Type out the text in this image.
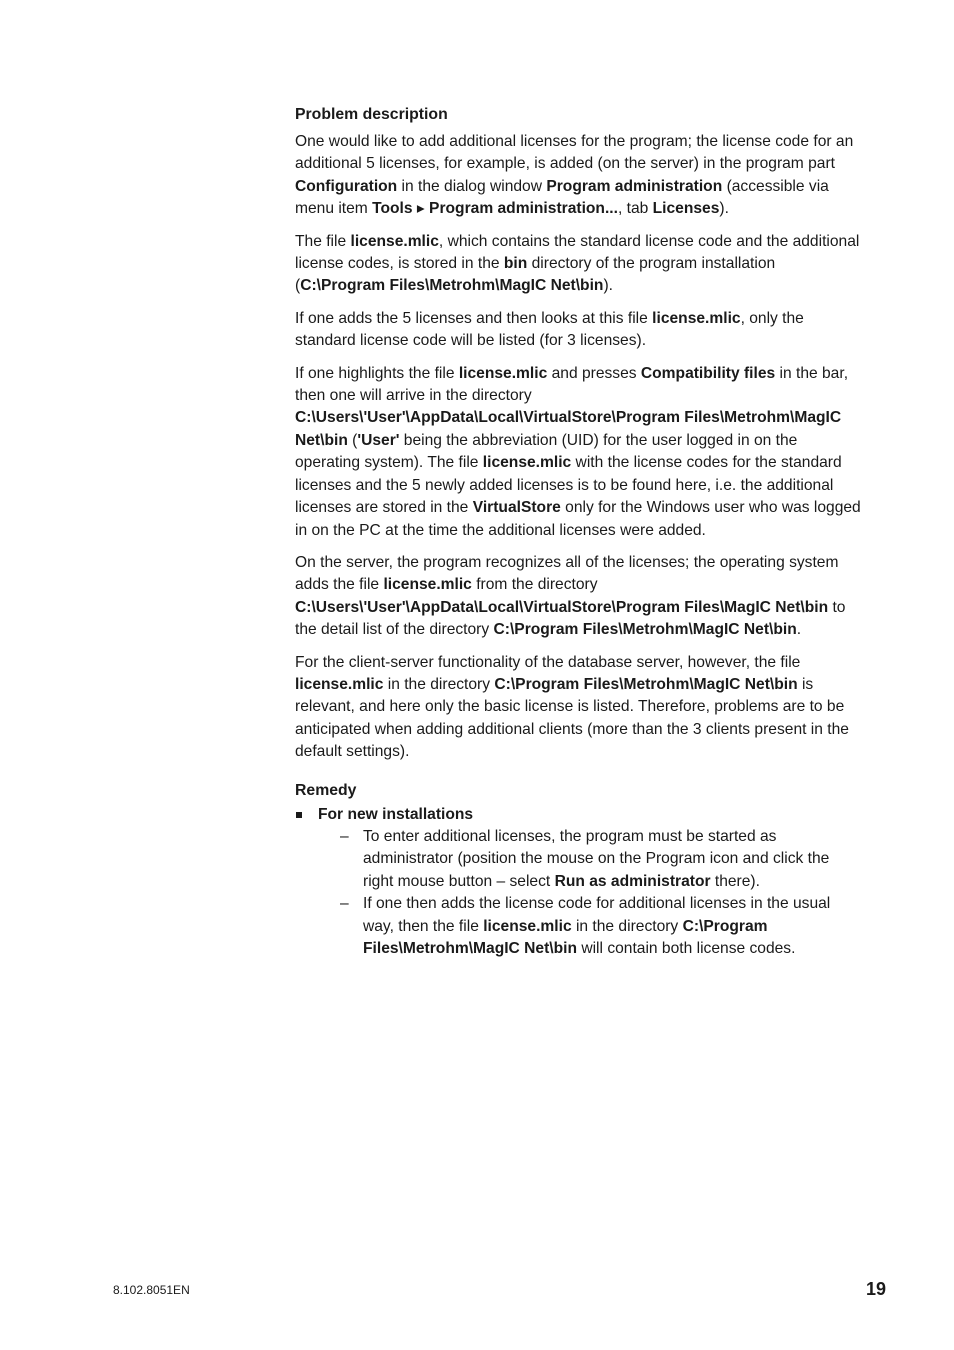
Problem description

One would like to add additional licenses for the program; the license code for an additional 5 licenses, for example, is added (on the server) in the program part Configuration in the dialog window Program administration (accessible via menu item Tools ▸ Program administration..., tab Licenses).

The file license.mlic, which contains the standard license code and the additional license codes, is stored in the bin directory of the program installation (C:\Program Files\Metrohm\MagIC Net\bin).

If one adds the 5 licenses and then looks at this file license.mlic, only the standard license code will be listed (for 3 licenses).

If one highlights the file license.mlic and presses Compatibility files in the bar, then one will arrive in the directory C:\Users\'User'\AppData\Local\VirtualStore\Program Files\Metrohm\MagIC Net\bin ('User' being the abbreviation (UID) for the user logged in on the operating system). The file license.mlic with the license codes for the standard licenses and the 5 newly added licenses is to be found here, i.e. the additional licenses are stored in the VirtualStore only for the Windows user who was logged in on the PC at the time the additional licenses were added.

On the server, the program recognizes all of the licenses; the operating system adds the file license.mlic from the directory C:\Users\'User'\AppData\Local\VirtualStore\Program Files\MagIC Net\bin to the detail list of the directory C:\Program Files\Metrohm\MagIC Net\bin.

For the client-server functionality of the database server, however, the file license.mlic in the directory C:\Program Files\Metrohm\MagIC Net\bin is relevant, and here only the basic license is listed. Therefore, problems are to be anticipated when adding additional clients (more than the 3 clients present in the default settings).

Remedy
For new installations
– To enter additional licenses, the program must be started as administrator (position the mouse on the Program icon and click the right mouse button – select Run as administrator there).
– If one then adds the license code for additional licenses in the usual way, then the file license.mlic in the directory C:\Program Files\Metrohm\MagIC Net\bin will contain both license codes.
8.102.8051EN	19
